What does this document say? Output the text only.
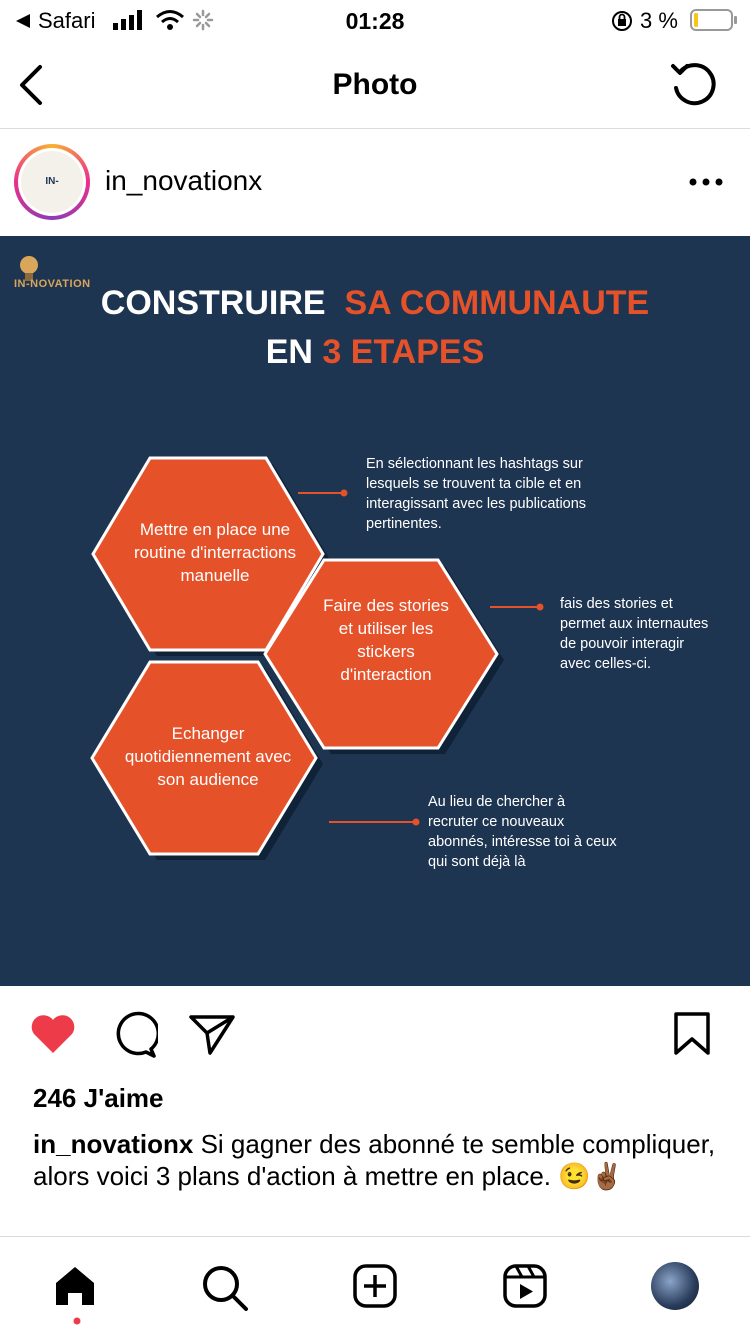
Safari	01:28	3 %
Photo
IN-	in_novationx
IN-NOVATION CONSTRUIRE SA COMMUNAUTE
EN 3 ETAPES
Mettre en place une routine d'interractions manuelle
Faire des stories et utiliser les stickers d'interaction
Echanger quotidiennement avec son audience
En sélectionnant les hashtags sur lesquels se trouvent ta cible et en interagissant avec les publications pertinentes.
fais des stories et permet aux internautes de pouvoir interagir avec celles-ci.
Au lieu de chercher à recruter ce nouveaux abonnés, intéresse toi à ceux qui sont déjà là
246 J'aime
in_novationx Si gagner des abonné te semble compliquer, alors voici 3 plans d'action à mettre en place. 😉✌🏾
